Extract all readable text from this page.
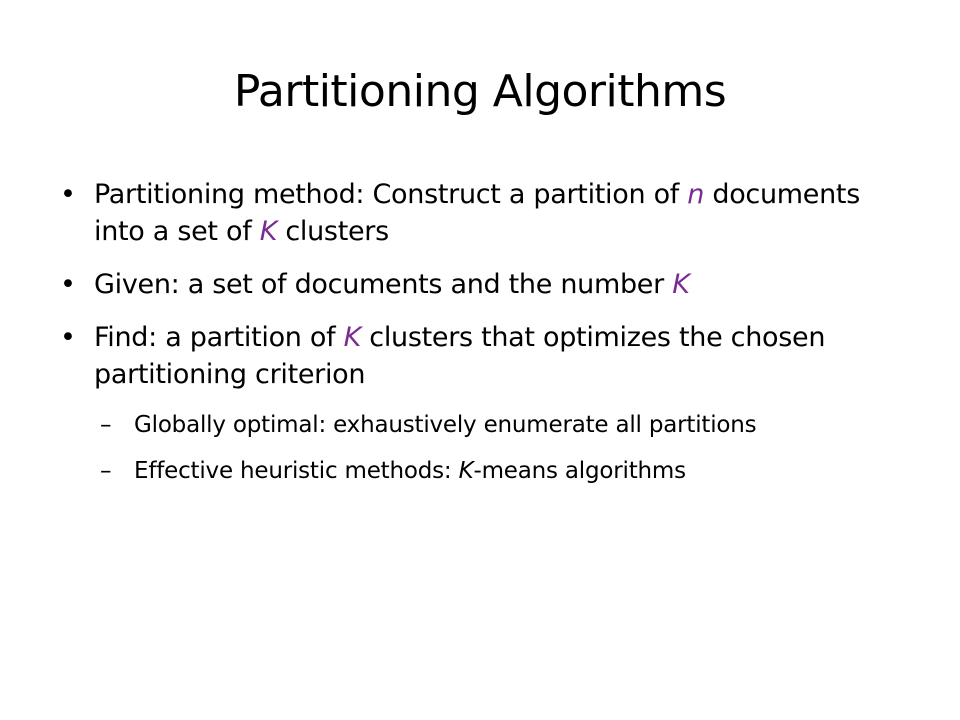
Partitioning Algorithms
• Partitioning method: Construct a partition of n documents into a set of K clusters
• Given: a set of documents and the number K
• Find: a partition of K clusters that optimizes the chosen partitioning criterion
– Globally optimal: exhaustively enumerate all partitions
– Effective heuristic methods: K-means algorithms
